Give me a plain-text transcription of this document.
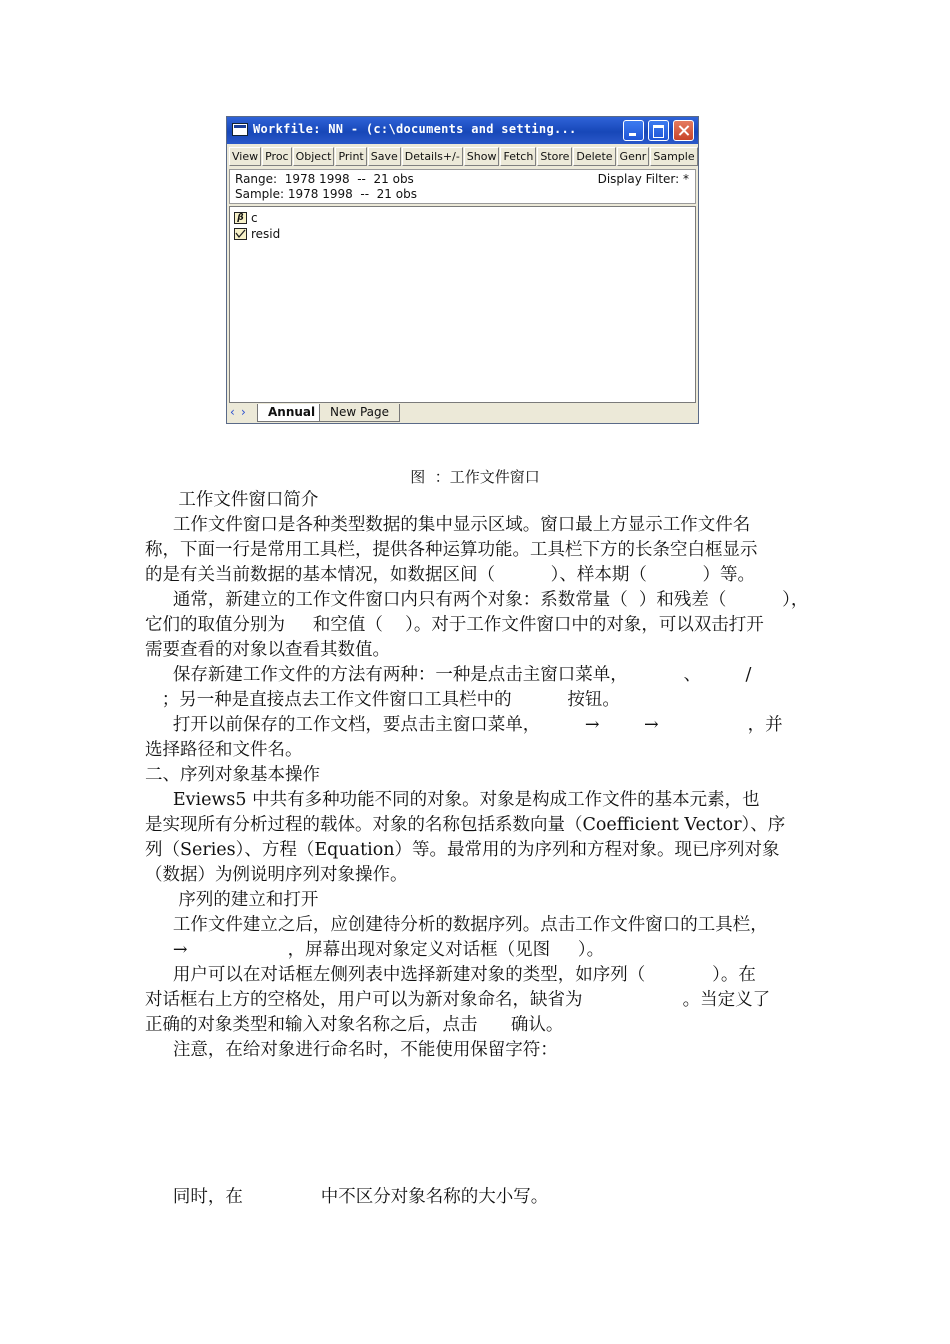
Workfile: NN - (c:\documents and setting...
View Proc Object Print Save Details+/- Show Fetch Store Delete Genr Sample
Range:  1978 1998  --  21 obs
Sample: 1978 1998  --  21 obs
Display Filter: *
β c
resid
‹ ›	Annual	New Page
图  ：工作文件窗口

工作文件窗口简介

工作文件窗口是各种类型数据的集中显示区域。窗口最上方显示工作文件名

称，下面一行是常用工具栏，提供各种运算功能。工具栏下方的长条空白框显示

的是有关当前数据的基本情况，如数据区间（          ）、样本期（          ）等。

通常，新建立的工作文件窗口内只有两个对象：系数常量（  ）和残差（          ），

它们的取值分别为     和空值（    ）。对于工作文件窗口中的对象，可以双击打开

需要查看的对象以查看其数值。

保存新建工作文件的方法有两种：一种是点击主窗口菜单，          、        /

；另一种是直接点去工作文件窗口工具栏中的          按钮。

打开以前保存的工作文档，要点击主窗口菜单，        →        →                ，并

选择路径和文件名。

二、序列对象基本操作

Eviews5 中共有多种功能不同的对象。对象是构成工作文件的基本元素，也

是实现所有分析过程的载体。对象的名称包括系数向量（Coefficient Vector）、序

列（Series）、方程（Equation）等。最常用的为序列和方程对象。现已序列对象

（数据）为例说明序列对象操作。

序列的建立和打开

工作文件建立之后，应创建待分析的数据序列。点击工作文件窗口的工具栏，

→                  ，屏幕出现对象定义对话框（见图     ）。

用户可以在对话框左侧列表中选择新建对象的类型，如序列（            ）。在

对话框右上方的空格处，用户可以为新对象命名，缺省为                  。当定义了

正确的对象类型和输入对象名称之后，点击      确认。

注意，在给对象进行命名时，不能使用保留字符：

同时，在              中不区分对象名称的大小写。
